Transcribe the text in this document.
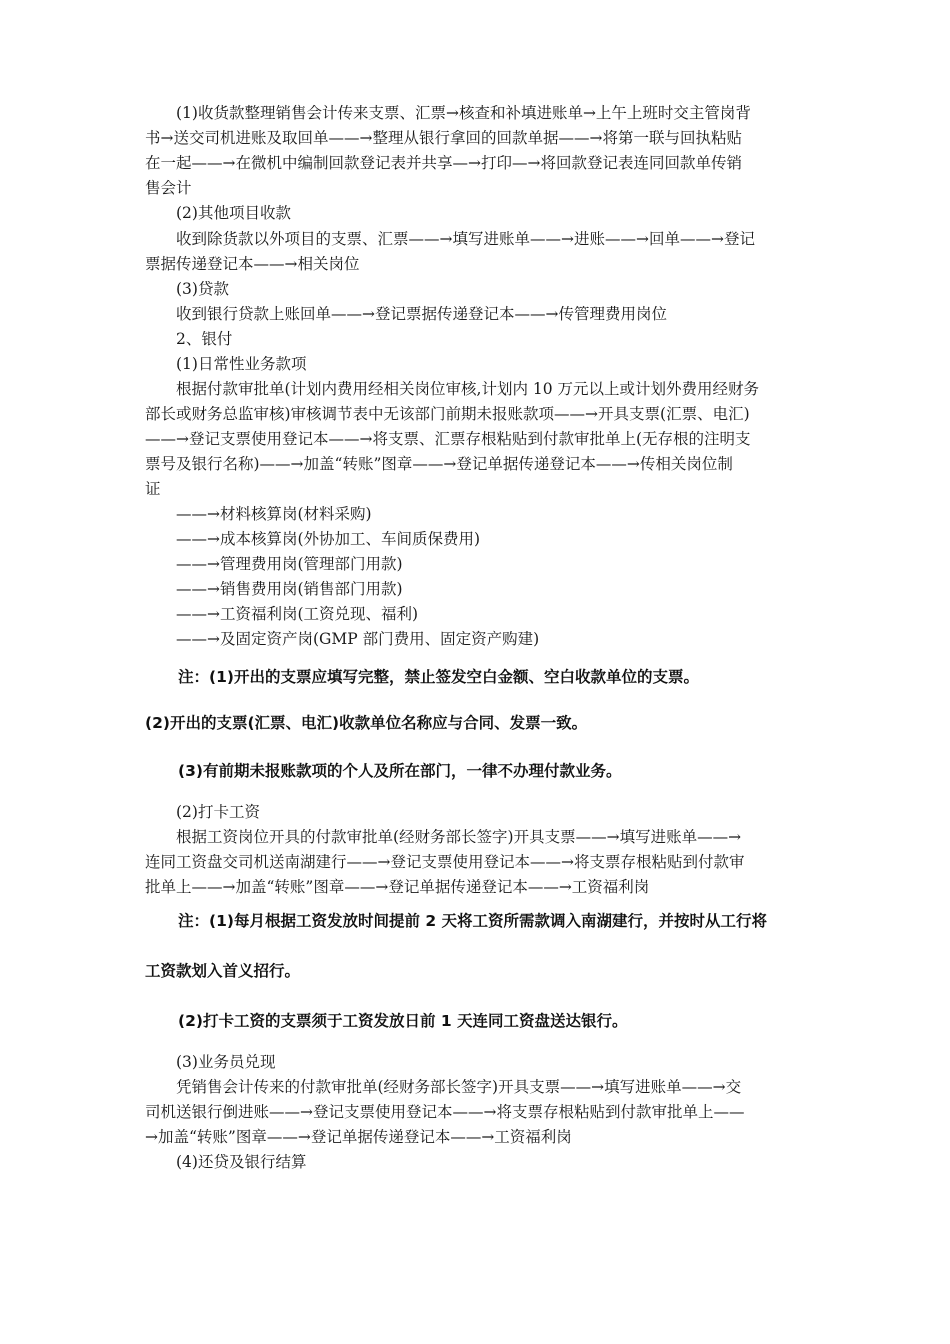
(1)收货款整理销售会计传来支票、汇票→核查和补填进账单→上午上班时交主管岗背
书→送交司机进账及取回单——→整理从银行拿回的回款单据——→将第一联与回执粘贴
在一起——→在微机中编制回款登记表并共享—→打印—→将回款登记表连同回款单传销
售会计
(2)其他项目收款
收到除货款以外项目的支票、汇票——→填写进账单——→进账——→回单——→登记
票据传递登记本——→相关岗位
(3)贷款
收到银行贷款上账回单——→登记票据传递登记本——→传管理费用岗位
2、银付
(1)日常性业务款项
根据付款审批单(计划内费用经相关岗位审核,计划内 10 万元以上或计划外费用经财务
部长或财务总监审核)审核调节表中无该部门前期未报账款项——→开具支票(汇票、电汇)
——→登记支票使用登记本——→将支票、汇票存根粘贴到付款审批单上(无存根的注明支
票号及银行名称)——→加盖“转账”图章——→登记单据传递登记本——→传相关岗位制
证
——→材料核算岗(材料采购)
——→成本核算岗(外协加工、车间质保费用)
——→管理费用岗(管理部门用款)
——→销售费用岗(销售部门用款)
——→工资福利岗(工资兑现、福利)
——→及固定资产岗(GMP 部门费用、固定资产购建)
注：(1)开出的支票应填写完整，禁止签发空白金额、空白收款单位的支票。
(2)开出的支票(汇票、电汇)收款单位名称应与合同、发票一致。
(3)有前期未报账款项的个人及所在部门，一律不办理付款业务。
(2)打卡工资
根据工资岗位开具的付款审批单(经财务部长签字)开具支票——→填写进账单——→
连同工资盘交司机送南湖建行——→登记支票使用登记本——→将支票存根粘贴到付款审
批单上——→加盖“转账”图章——→登记单据传递登记本——→工资福利岗
注：(1)每月根据工资发放时间提前 2 天将工资所需款调入南湖建行，并按时从工行将
工资款划入首义招行。
(2)打卡工资的支票须于工资发放日前 1 天连同工资盘送达银行。
(3)业务员兑现
凭销售会计传来的付款审批单(经财务部长签字)开具支票——→填写进账单——→交
司机送银行倒进账——→登记支票使用登记本——→将支票存根粘贴到付款审批单上——
→加盖“转账”图章——→登记单据传递登记本——→工资福利岗
(4)还贷及银行结算
